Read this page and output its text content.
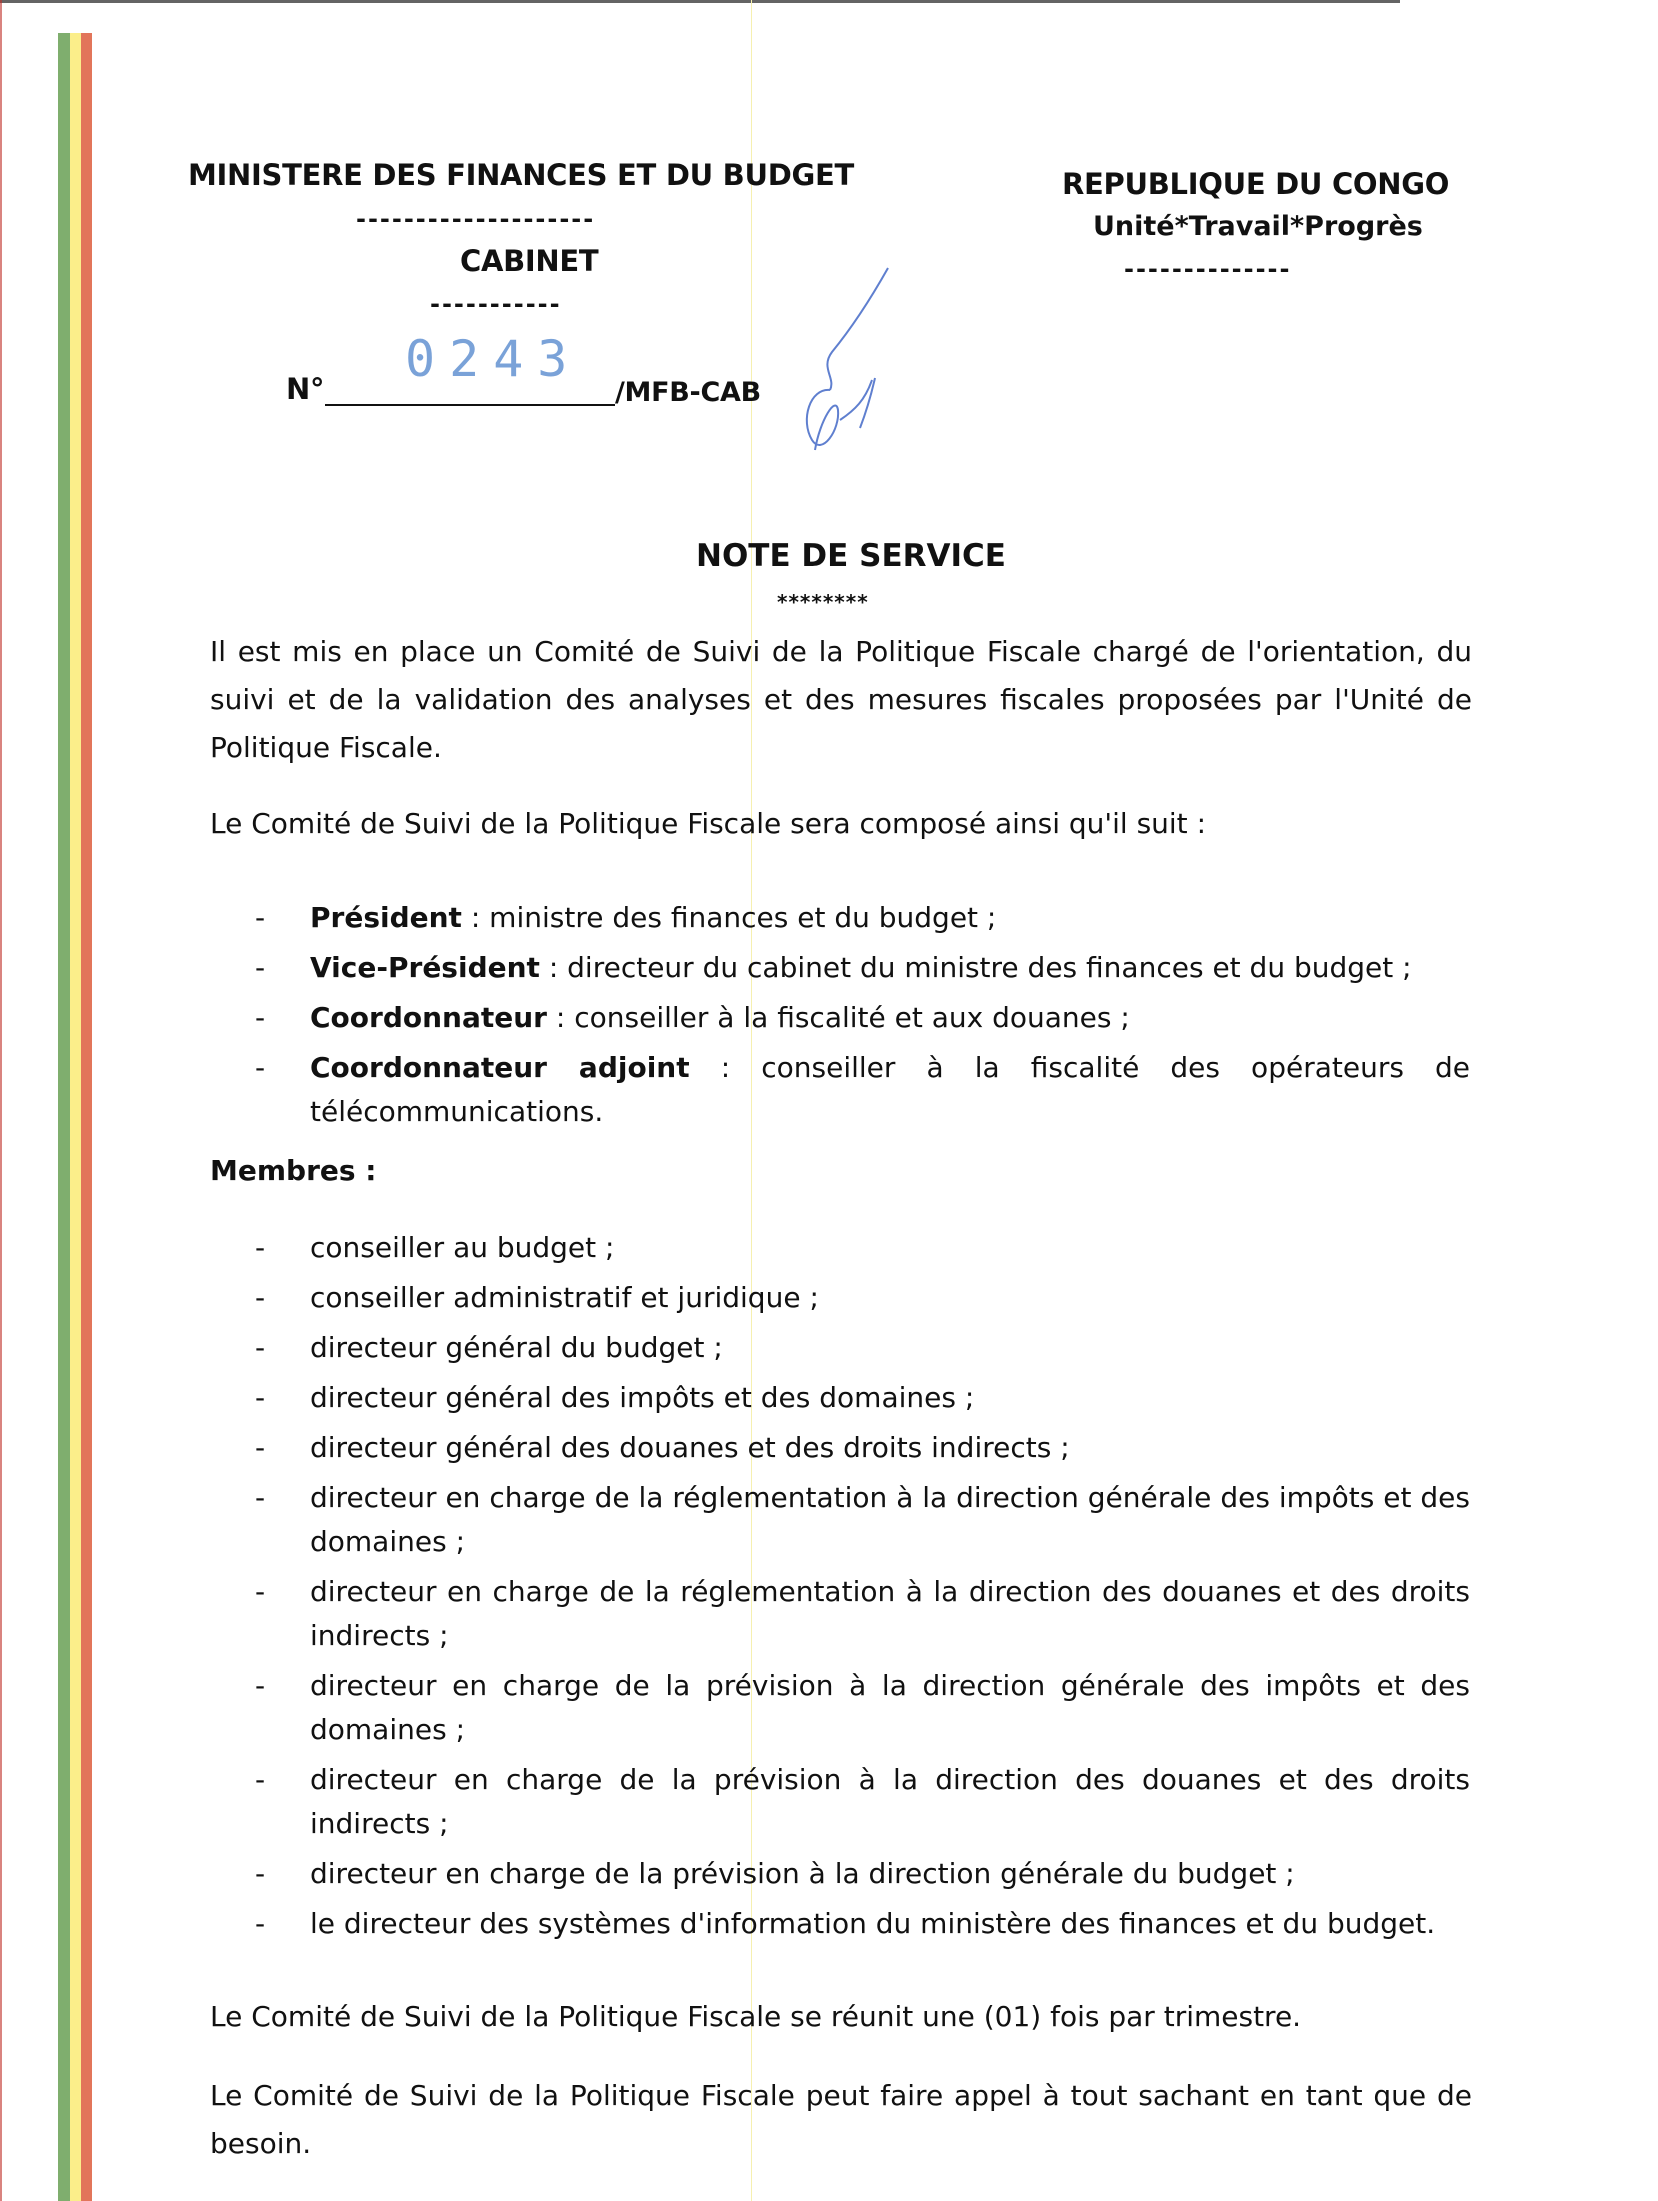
MINISTERE DES FINANCES ET DU BUDGET
--------------------
CABINET
-----------
0243
N°	/MFB-CAB
REPUBLIQUE DU CONGO
Unité*Travail*Progrès
--------------
NOTE DE SERVICE
********
Il est mis en place un Comité de Suivi de la Politique Fiscale chargé de l'orientation, du suivi et de la validation des analyses et des mesures fiscales proposées par l'Unité de Politique Fiscale.
Le Comité de Suivi de la Politique Fiscale sera composé ainsi qu'il suit :
- Président : ministre des finances et du budget ;
- Vice-Président : directeur du cabinet du ministre des finances et du budget ;
- Coordonnateur : conseiller à la fiscalité et aux douanes ;
- Coordonnateur adjoint : conseiller à la fiscalité des opérateurs de télécommunications.
Membres :
- conseiller au budget ;
- conseiller administratif et juridique ;
- directeur général du budget ;
- directeur général des impôts et des domaines ;
- directeur général des douanes et des droits indirects ;
- directeur en charge de la réglementation à la direction générale des impôts et des domaines ;
- directeur en charge de la réglementation à la direction des douanes et des droits indirects ;
- directeur en charge de la prévision à la direction générale des impôts et des domaines ;
- directeur en charge de la prévision à la direction des douanes et des droits indirects ;
- directeur en charge de la prévision à la direction générale du budget ;
- le directeur des systèmes d'information du ministère des finances et du budget.
Le Comité de Suivi de la Politique Fiscale se réunit une (01) fois par trimestre.
Le Comité de Suivi de la Politique Fiscale peut faire appel à tout sachant en tant que de besoin.
